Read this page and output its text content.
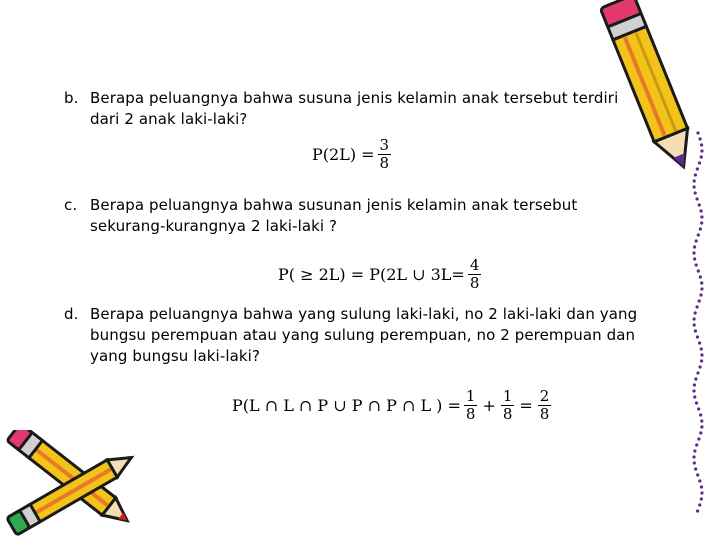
b. Berapa peluangnya bahwa susuna jenis kelamin anak tersebut terdiri dari 2 anak laki-laki?
$P(2L) = \frac{3}{8}$
c. Berapa peluangnya bahwa susunan jenis kelamin anak tersebut sekurang-kurangnya 2 laki-laki ?
P( ≥ 2L) = P(2L ∪ $3L= \frac{4}{8}$
d. Berapa peluangnya bahwa yang sulung laki-laki, no 2 laki-laki dan yang bungsu perempuan atau yang sulung perempuan, no 2 perempuan dan yang bungsu laki-laki?
P(L ∩ L ∩ P ∪ P ∩ P ∩ L ) = $\frac{1}{8} + \frac{1}{8} = \frac{2}{8}$
